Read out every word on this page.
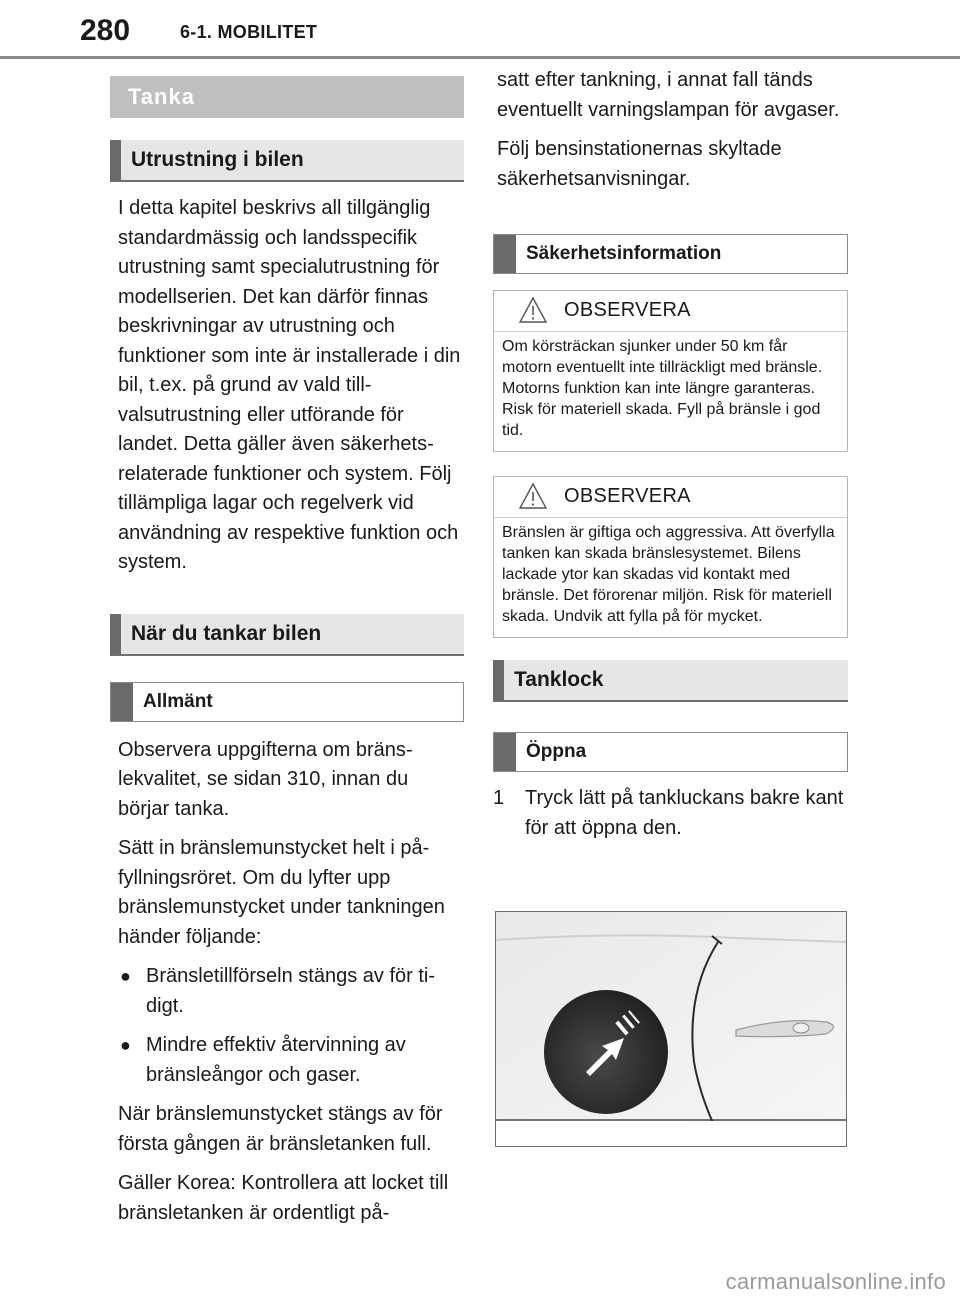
280	6-1. MOBILITET
Tanka
Utrustning i bilen

I detta kapitel beskrivs all tillgänglig standardmässig och landsspecifik utrustning samt specialutrustning för modellserien. Det kan därför finnas beskrivningar av utrustning och funktioner som inte är installerade i din bil, t.ex. på grund av vald tillvalsutrustning eller utförande för landet. Detta gäller även säkerhetsrelaterade funktioner och system. Följ tillämpliga lagar och regelverk vid användning av respektive funktion och system.

När du tankar bilen
Allmänt

Observera uppgifterna om bränslekvalitet, se sidan 310, innan du börjar tanka.

Sätt in bränslemunstycket helt i påfyllningsröret. Om du lyfter upp bränslemunstycket under tankningen händer följande:

● Bränsletillförseln stängs av för tidigt.
● Mindre effektiv återvinning av bränsleångor och gaser.

När bränslemunstycket stängs av för första gången är bränsletanken full.

Gäller Korea: Kontrollera att locket till bränsletanken är ordentligt på-

satt efter tankning, i annat fall tänds eventuellt varningslampan för avgaser.

Följ bensinstationernas skyltade säkerhetsanvisningar.

Säkerhetsinformation
OBSERVERA
Om körsträckan sjunker under 50 km får motorn eventuellt inte tillräckligt med bränsle. Motorns funktion kan inte längre garanteras. Risk för materiell skada. Fyll på bränsle i god tid.
OBSERVERA
Bränslen är giftiga och aggressiva. Att överfylla tanken kan skada bränslesystemet. Bilens lackade ytor kan skadas vid kontakt med bränsle. Det förorenar miljön. Risk för materiell skada. Undvik att fylla på för mycket.
Tanklock
Öppna
1	Tryck lätt på tankluckans bakre kant för att öppna den.
carmanualsonline.info
